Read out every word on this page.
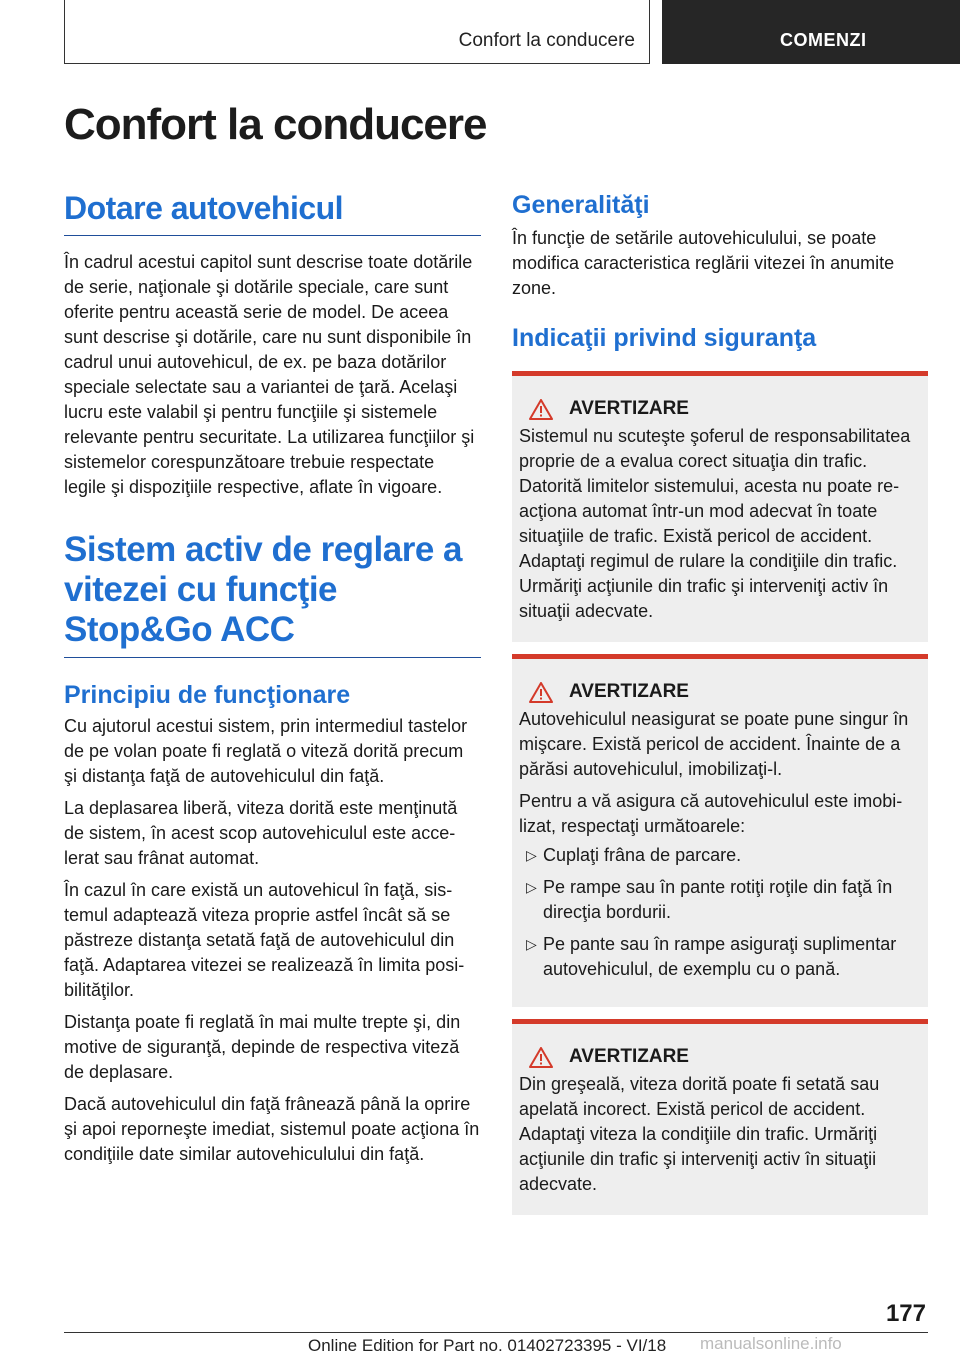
Confort la conducere	COMENZI
Confort la conducere
Dotare autovehicul

În cadrul acestui capitol sunt descrise toate dotările de serie, naţionale şi dotările speciale, care sunt oferite pentru această serie de model. De aceea sunt descrise şi dotările, care nu sunt disponibile în cadrul unui autovehicul, de ex. pe baza dotărilor speciale selectate sau a variantei de ţară. Acelaşi lucru este valabil şi pentru funcţiile şi sistemele relevante pentru securitate. La utilizarea funcţiilor şi sistemelor corespunzătoare trebuie respectate legile şi dispoziţiile respective, aflate în vigoare.

Sistem activ de reglare a vitezei cu funcţie Stop&Go ACC
Principiu de funcţionare

Cu ajutorul acestui sistem, prin intermediul tastelor de pe volan poate fi reglată o viteză dorită precum şi distanţa faţă de autovehiculul din faţă.

La deplasarea liberă, viteza dorită este menţinută de sistem, în acest scop autovehiculul este accelerat sau frânat automat.

În cazul în care există un autovehicul în faţă, sistemul adaptează viteza proprie astfel încât să se păstreze distanţa setată faţă de autovehiculul din faţă. Adaptarea vitezei se realizează în limita posibilităţilor.

Distanţa poate fi reglată în mai multe trepte şi, din motive de siguranţă, depinde de respectiva viteză de deplasare.

Dacă autovehiculul din faţă frânează până la oprire şi apoi reporneşte imediat, sistemul poate acţiona în condiţiile date similar autovehiculului din faţă.

Generalităţi

În funcţie de setările autovehiculului, se poate modifica caracteristica reglării vitezei în anumite zone.

Indicaţii privind siguranţa
AVERTIZARE

Sistemul nu scuteşte şoferul de responsabilitatea proprie de a evalua corect situaţia din trafic. Datorită limitelor sistemului, acesta nu poate reacţiona automat într-un mod adecvat în toate situaţiile de trafic. Există pericol de accident. Adaptaţi regimul de rulare la condiţiile din trafic. Urmăriţi acţiunile din trafic şi interveniţi activ în situaţii adecvate.

AVERTIZARE

Autovehiculul neasigurat se poate pune singur în mişcare. Există pericol de accident. Înainte de a părăsi autovehiculul, imobilizaţi-l.

Pentru a vă asigura că autovehiculul este imobilizat, respectaţi următoarele:

▷ Cuplaţi frâna de parcare.
▷ Pe rampe sau în pante rotiţi roţile din faţă în direcţia bordurii.
▷ Pe pante sau în rampe asiguraţi suplimentar autovehiculul, de exemplu cu o pană.
AVERTIZARE

Din greşeală, viteza dorită poate fi setată sau apelată incorect. Există pericol de accident. Adaptaţi viteza la condiţiile din trafic. Urmăriţi acţiunile din trafic şi interveniţi activ în situaţii adecvate.

177
Online Edition for Part no. 01402723395 - VI/18 manualsonline.info
